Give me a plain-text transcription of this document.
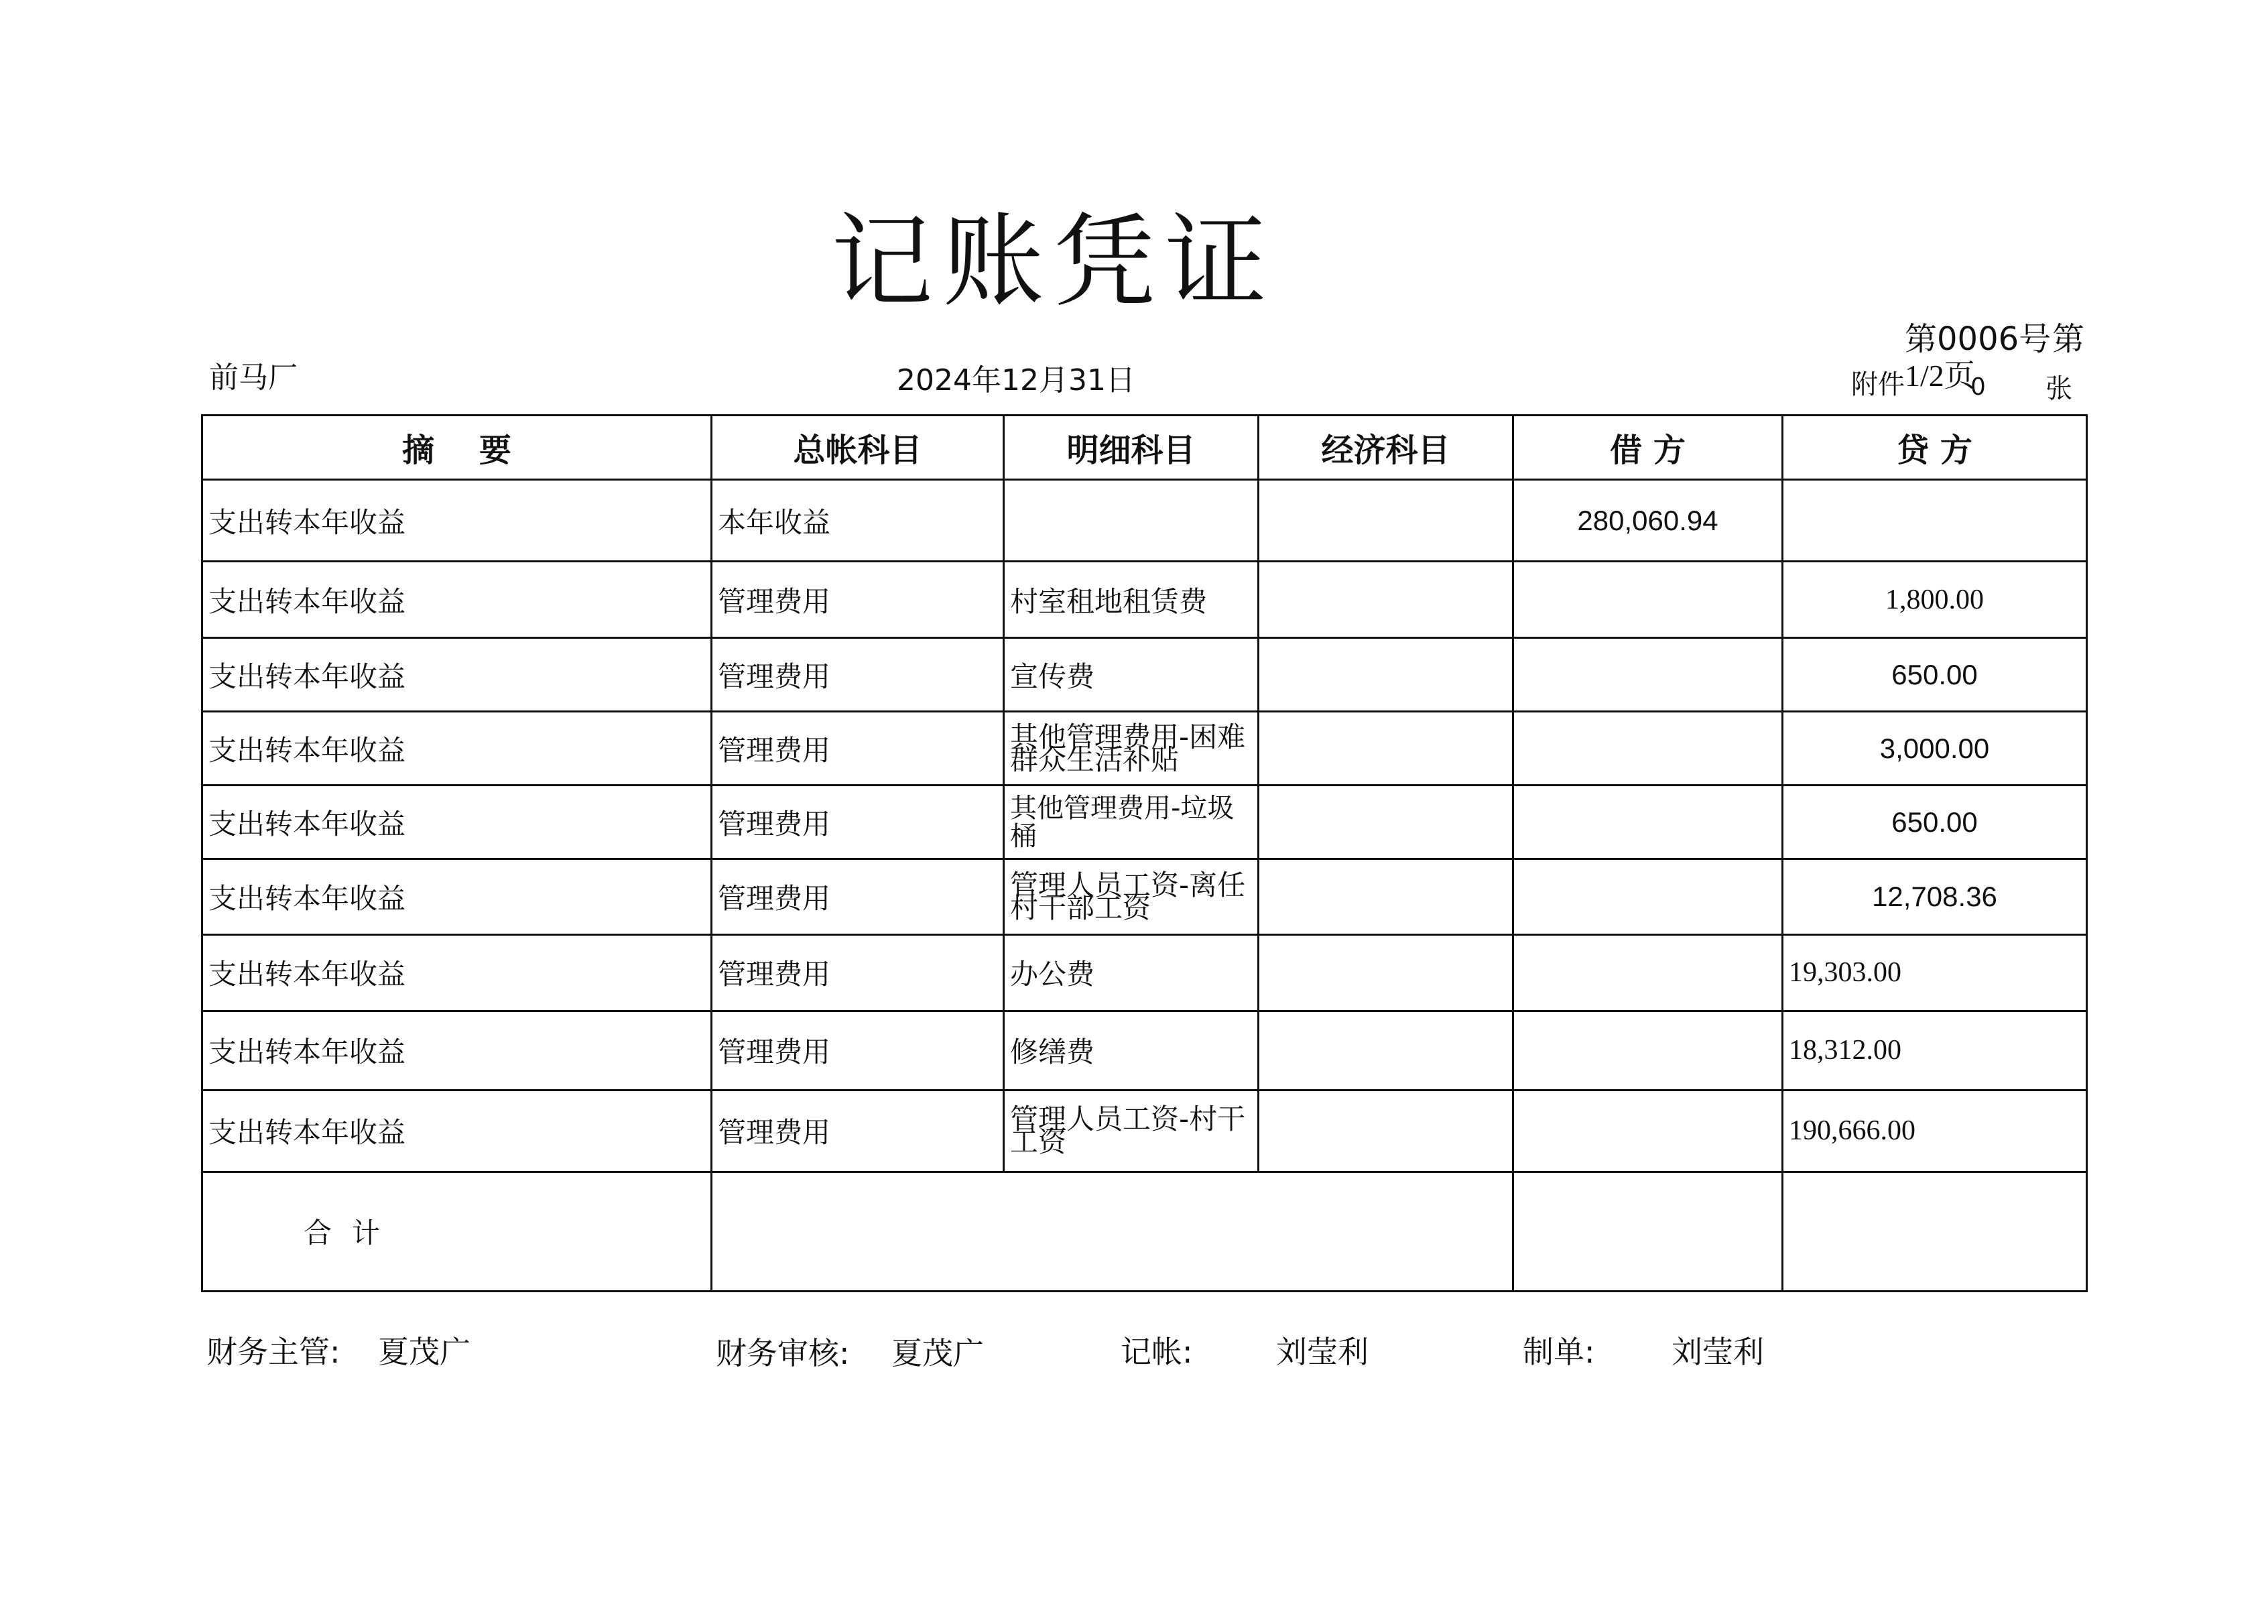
记账凭证
前马厂	2024年12月31日
第0006号 第
附件 1/2页
0 张
摘    要	总帐科目	明细科目	经济科目	借 方	贷 方
支出转本年收益	本年收益			280,060.94	
支出转本年收益	管理费用	村室租地租赁费			1,800.00
支出转本年收益	管理费用	宣传费			650.00
支出转本年收益	管理费用	其他管理费用-困难群众生活补贴			3,000.00
支出转本年收益	管理费用	其他管理费用-垃圾桶			650.00
支出转本年收益	管理费用	管理人员工资-离任村干部工资			12,708.36
支出转本年收益	管理费用	办公费			19,303.00
支出转本年收益	管理费用	修缮费			18,312.00
支出转本年收益	管理费用	管理人员工资-村干工资			190,666.00
合计					
财务主管: 夏茂广	财务审核: 夏茂广	记帐:	刘莹利	制单: 刘莹利
